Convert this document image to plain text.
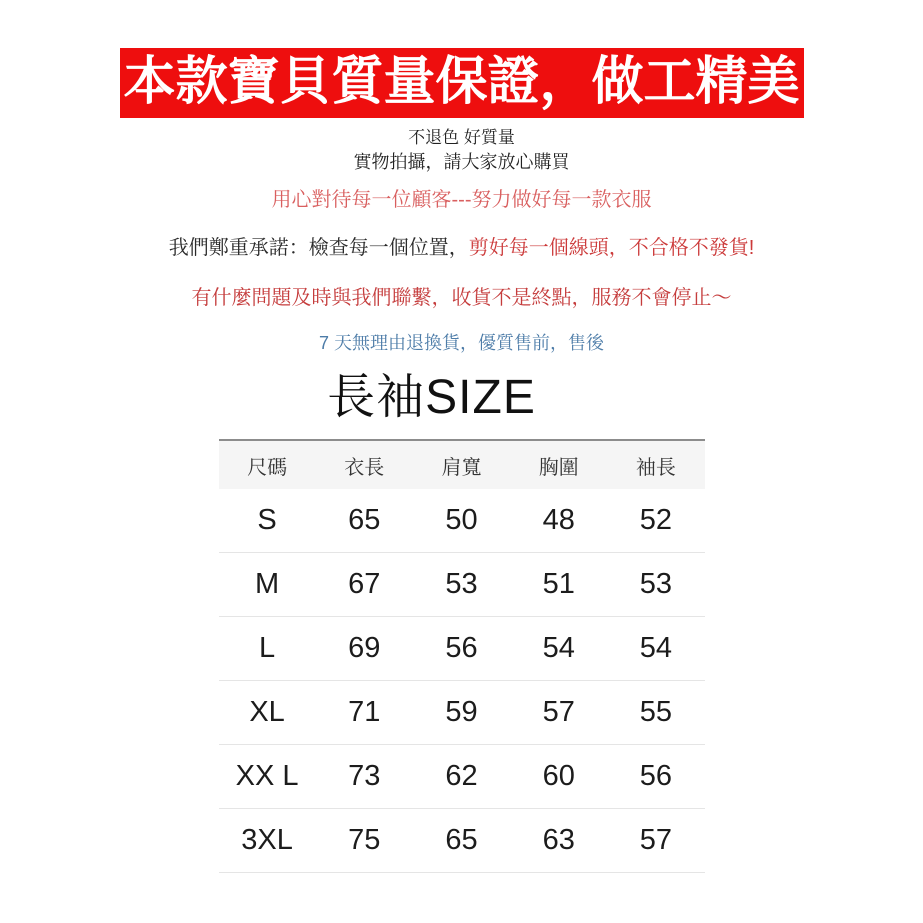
本款寶貝質量保證，做工精美
不退色 好質量
實物拍攝，請大家放心購買
用心對待每一位顧客---努力做好每一款衣服
我們鄭重承諾：檢查每一個位置，剪好每一個線頭，不合格不發貨!
有什麼問題及時與我們聯繫，收貨不是終點，服務不會停止～
7 天無理由退換貨，優質售前，售後
長袖SIZE
尺碼	衣長	肩寬	胸圍	袖長
S	65	50	48	52
M	67	53	51	53
L	69	56	54	54
XL	71	59	57	55
XX L	73	62	60	56
3XL	75	65	63	57
